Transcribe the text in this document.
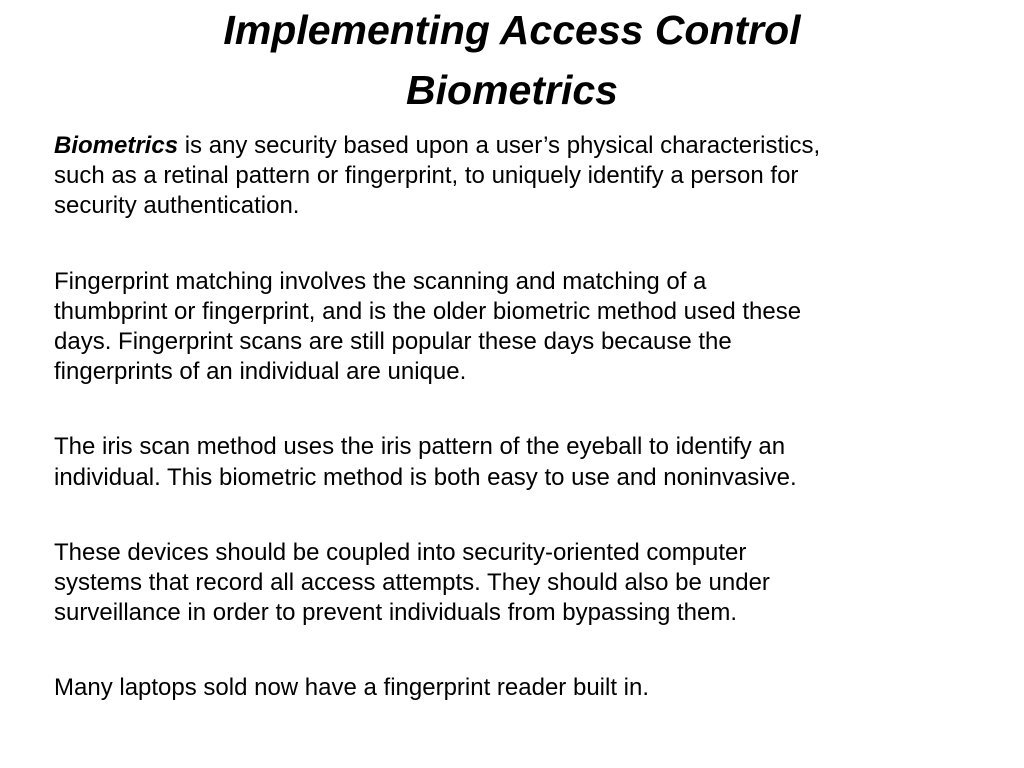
Implementing Access Control
Biometrics

Biometrics is any security based upon a user’s physical characteristics,
such as a retinal pattern or fingerprint, to uniquely identify a person for
security authentication.

Fingerprint matching involves the scanning and matching of a
thumbprint or fingerprint, and is the older biometric method used these
days. Fingerprint scans are still popular these days because the
fingerprints of an individual are unique.

The iris scan method uses the iris pattern of the eyeball to identify an
individual. This biometric method is both easy to use and noninvasive.

These devices should be coupled into security-oriented computer
systems that record all access attempts. They should also be under
surveillance in order to prevent individuals from bypassing them.

Many laptops sold now have a fingerprint reader built in.
